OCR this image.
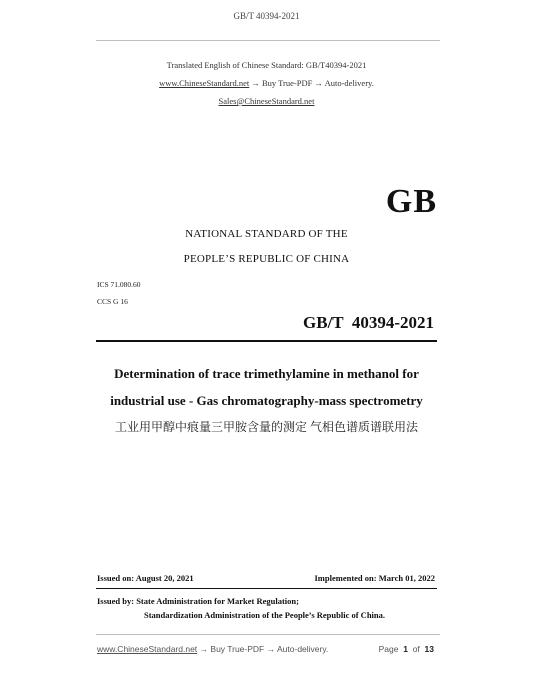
GB/T 40394-2021
Translated English of Chinese Standard: GB/T40394-2021
www.ChineseStandard.net → Buy True-PDF → Auto-delivery.
Sales@ChineseStandard.net
GB
NATIONAL STANDARD OF THE
PEOPLE’S REPUBLIC OF CHINA
ICS 71.080.60
CCS G 16
GB/T  40394-2021
Determination of trace trimethylamine in methanol for
industrial use - Gas chromatography-mass spectrometry
工业用甲醇中痕量三甲胺含量的测定 气相色谱质谱联用法
Issued on: August 20, 2021	Implemented on: March 01, 2022
Issued by: State Administration for Market Regulation;
Standardization Administration of the People’s Republic of China.
www.ChineseStandard.net → Buy True-PDF → Auto-delivery.	Page 1 of 13
